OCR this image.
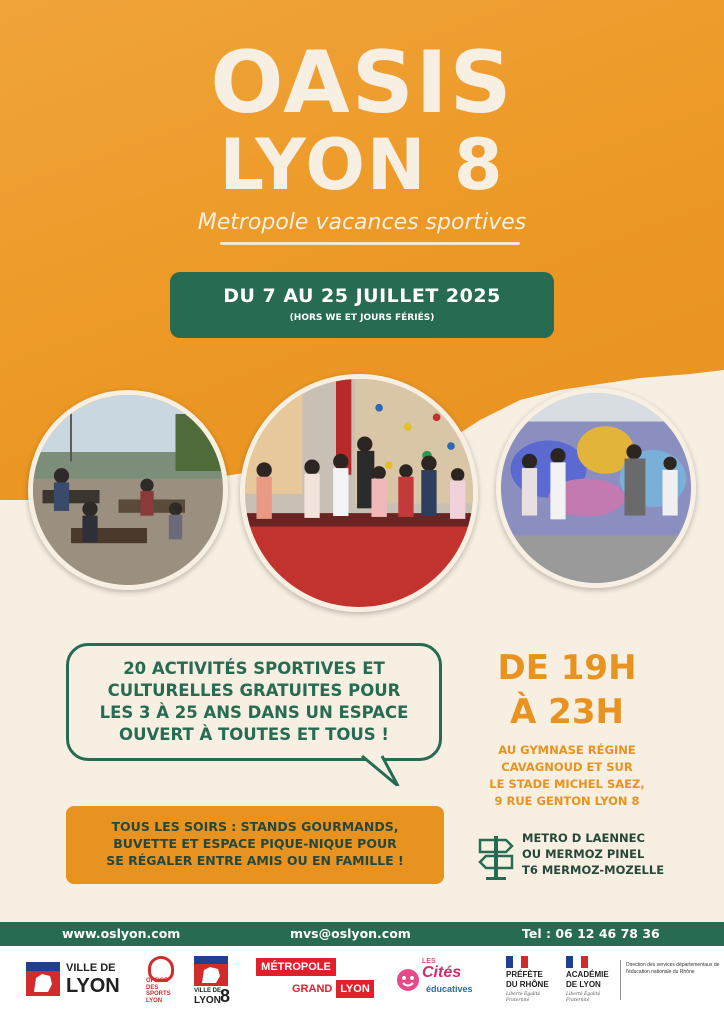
OASIS
LYON 8
Metropole vacances sportives
DU 7 AU 25 JUILLET 2025
(HORS WE ET JOURS FÉRIÉS)
20 ACTIVITÉS SPORTIVES ET
CULTURELLES GRATUITES POUR
LES 3 À 25 ANS DANS UN ESPACE
OUVERT À TOUTES ET TOUS !
DE 19H
À 23H
AU GYMNASE RÉGINE
CAVAGNOUD ET SUR
LE STADE MICHEL SAEZ,
9 RUE GENTON LYON 8
TOUS LES SOIRS : STANDS GOURMANDS,
BUVETTE ET ESPACE PIQUE-NIQUE POUR
SE RÉGALER ENTRE AMIS OU EN FAMILLE !
METRO D LAENNEC
OU MERMOZ PINEL
T6 MERMOZ-MOZELLE
www.oslyon.com	mvs@oslyon.com	Tel : 06 12 46 78 36
VILLE DE
LYON	OFFICE
DES
SPORTS
LYON
VILLE DE
LYON 8
MÉTROPOLE
GRAND LYON
LES
Cités
éducatives
PRÉFÈTE
DU RHÔNE
Liberté Égalité Fraternité
ACADÉMIE
DE LYON
Liberté Égalité Fraternité
Direction des services départementaux de l'éducation nationale du Rhône
